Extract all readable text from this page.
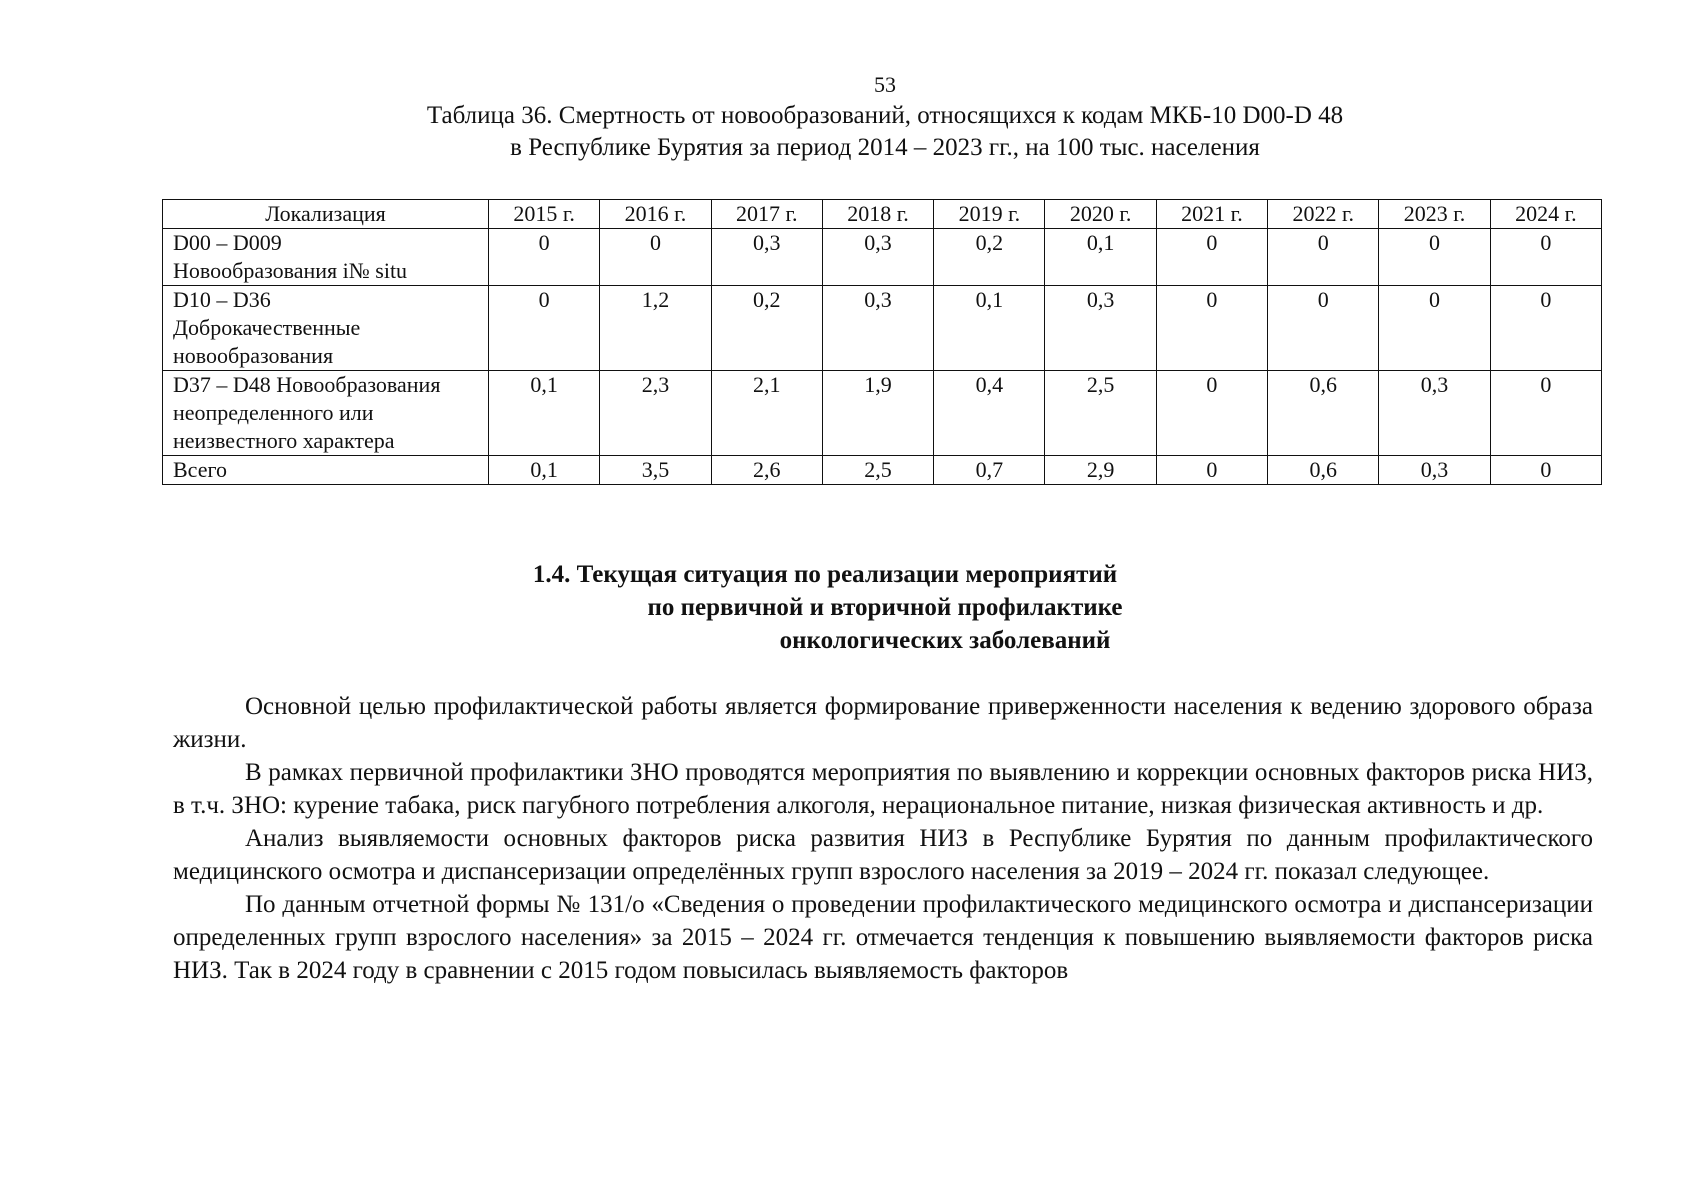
53
Таблица 36. Смертность от новообразований, относящихся к кодам МКБ-10 D00-D 48
в Республике Бурятия за период 2014 – 2023 гг., на 100 тыс. населения
Локализация	2015 г.	2016 г.	2017 г.	2018 г.	2019 г.	2020 г.	2021 г.	2022 г.	2023 г.	2024 г.

D00 – D009
Новообразования i№ situ	0	0	0,3	0,3	0,2	0,1	0	0	0	0

D10 – D36
Доброкачественные
новообразования	0	1,2	0,2	0,3	0,1	0,3	0	0	0	0

D37 – D48 Новообразования
неопределенного или
неизвестного характера	0,1	2,3	2,1	1,9	0,4	2,5	0	0,6	0,3	0

Всего	0,1	3,5	2,6	2,5	0,7	2,9	0	0,6	0,3	0
1.4. Текущая ситуация по реализации мероприятий
по первичной и вторичной профилактике
онкологических заболеваний

Основной целью профилактической работы является формирование приверженности населения к ведению здорового образа жизни.

В рамках первичной профилактики ЗНО проводятся мероприятия по выявлению и коррекции основных факторов риска НИЗ, в т.ч. ЗНО: курение табака, риск пагубного потребления алкоголя, нерациональное питание, низкая физическая активность и др.

Анализ выявляемости основных факторов риска развития НИЗ в Республике Бурятия по данным профилактического медицинского осмотра и диспансеризации определённых групп взрослого населения за 2019 – 2024 гг. показал следующее.

По данным отчетной формы № 131/о «Сведения о проведении профилактического медицинского осмотра и диспансеризации определенных групп взрослого населения» за 2015 – 2024 гг. отмечается тенденция к повышению выявляемости факторов риска НИЗ. Так в 2024 году в сравнении с 2015 годом повысилась выявляемость факторов
